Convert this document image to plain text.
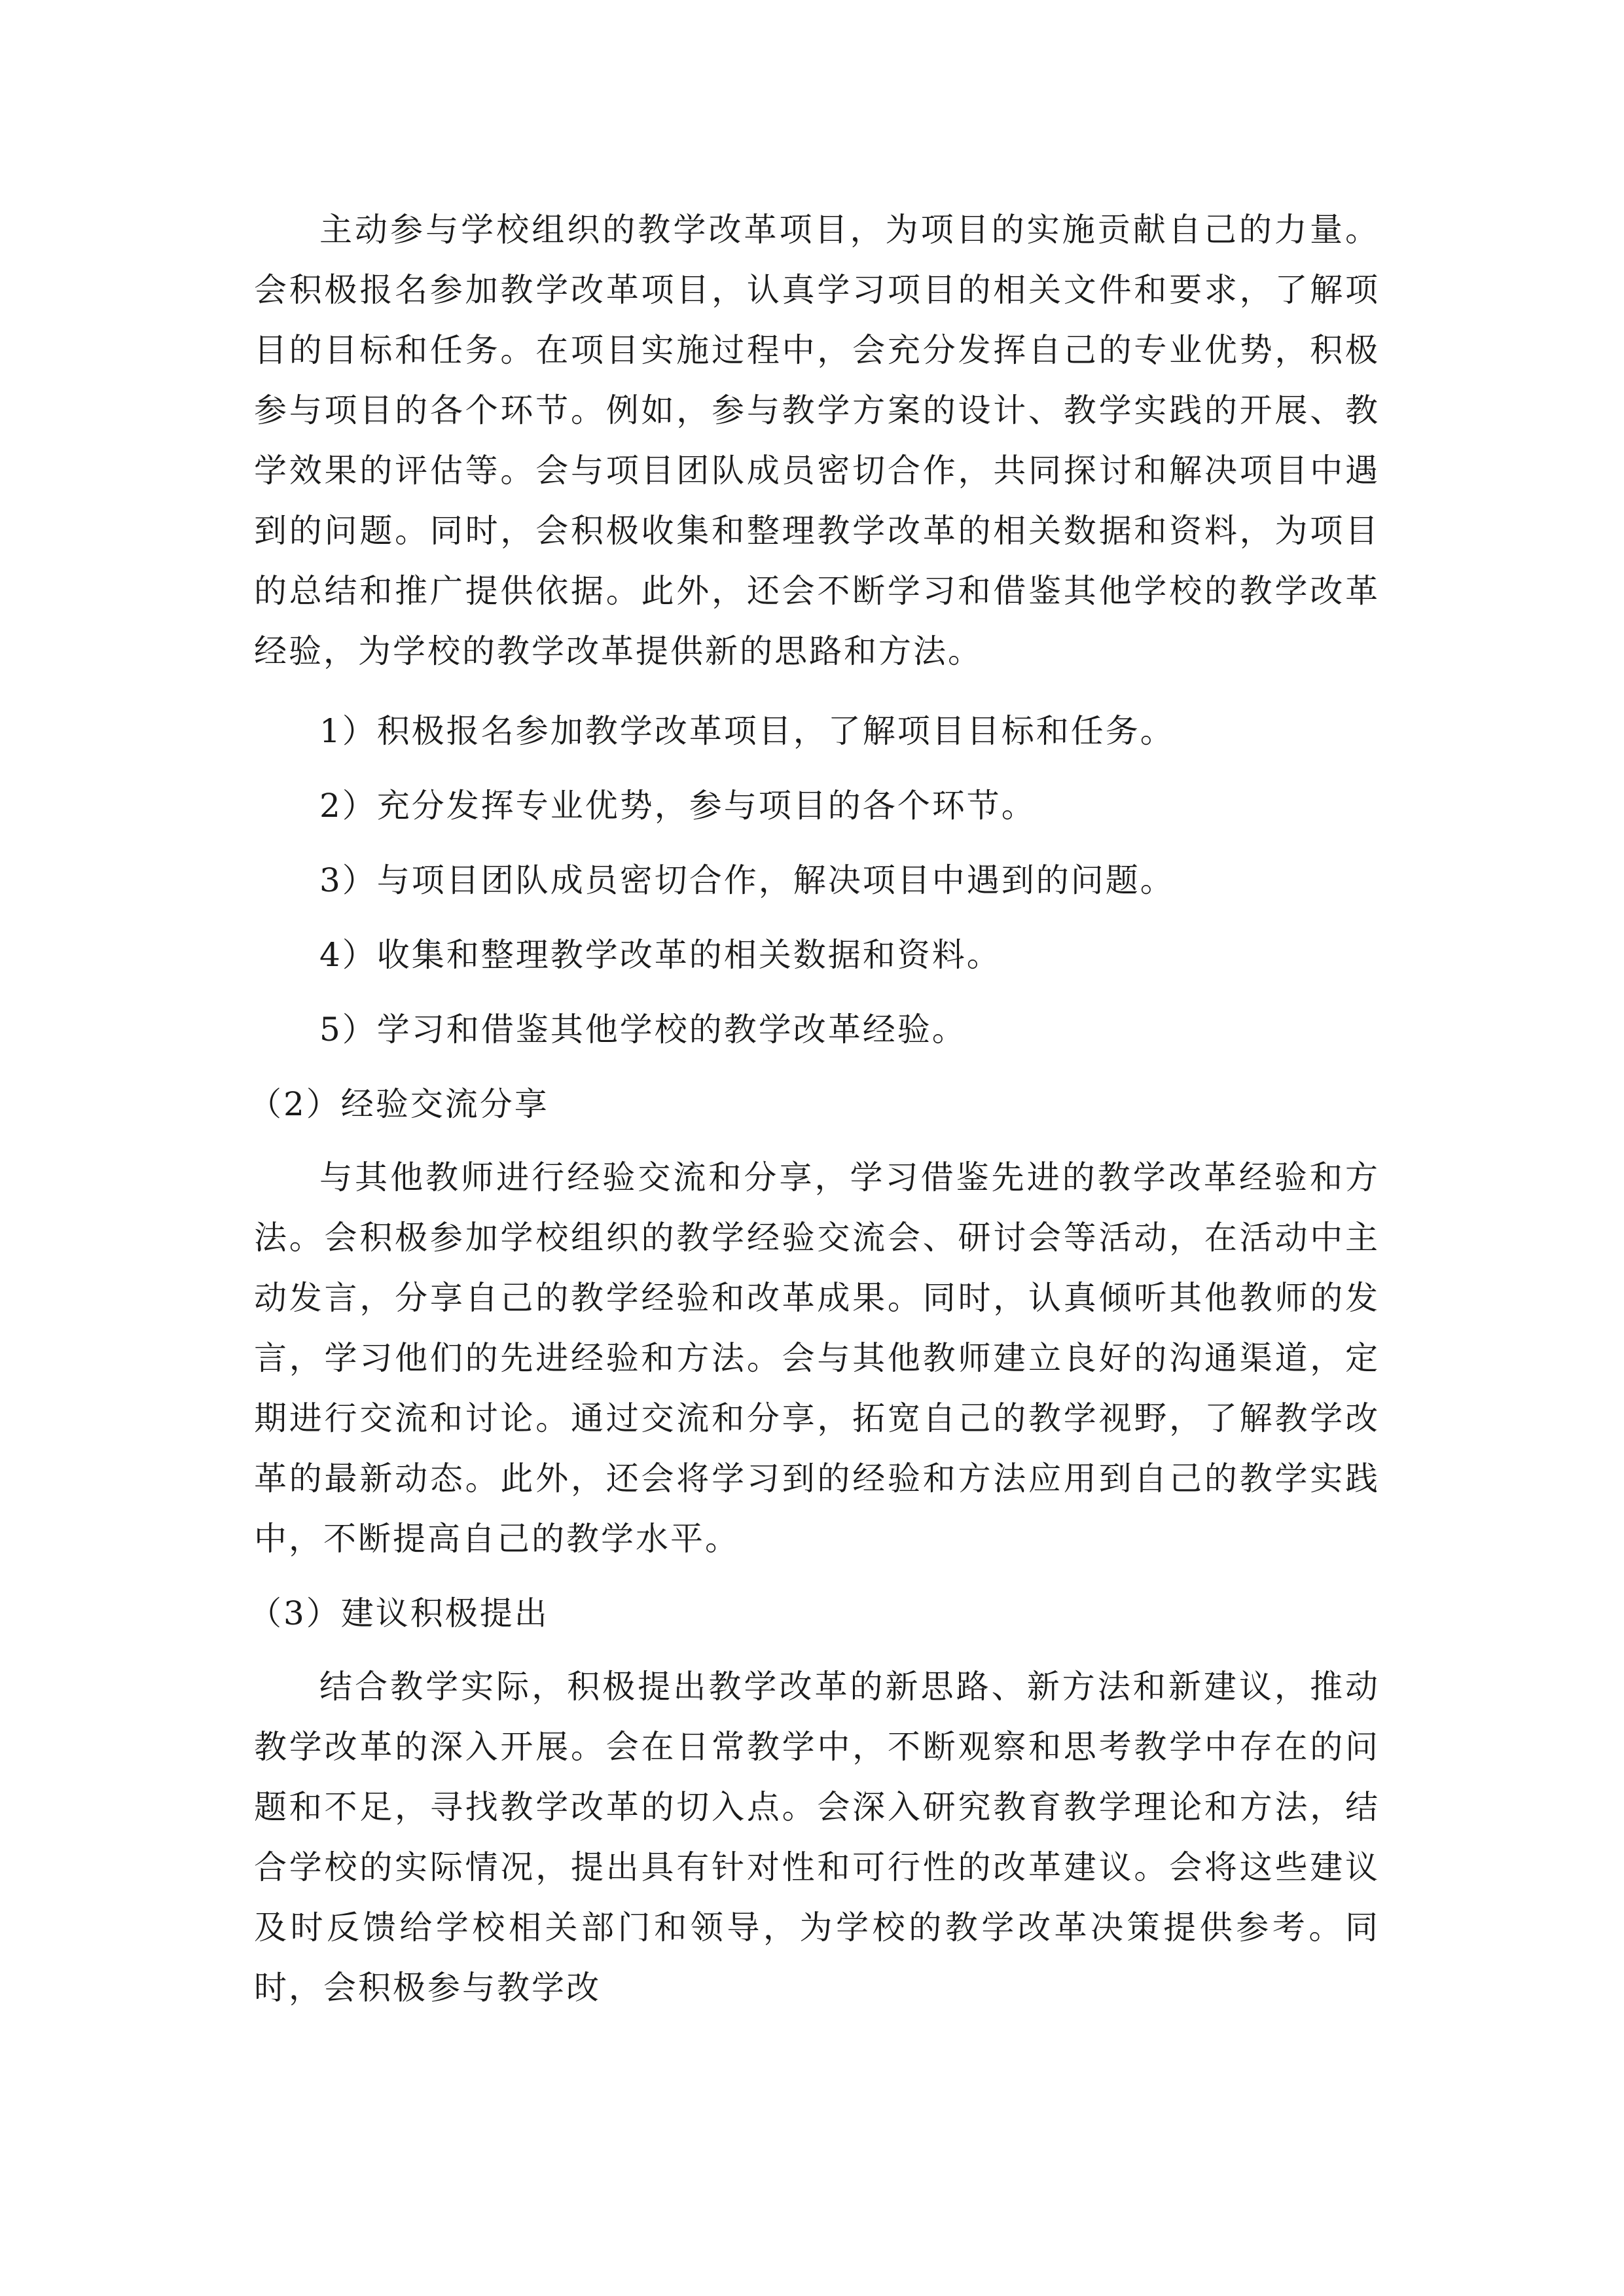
主动参与学校组织的教学改革项目，为项目的实施贡献自己的力量。会积极报名参加教学改革项目，认真学习项目的相关文件和要求，了解项目的目标和任务。在项目实施过程中，会充分发挥自己的专业优势，积极参与项目的各个环节。例如，参与教学方案的设计、教学实践的开展、教学效果的评估等。会与项目团队成员密切合作，共同探讨和解决项目中遇到的问题。同时，会积极收集和整理教学改革的相关数据和资料，为项目的总结和推广提供依据。此外，还会不断学习和借鉴其他学校的教学改革经验，为学校的教学改革提供新的思路和方法。

1）积极报名参加教学改革项目，了解项目目标和任务。

2）充分发挥专业优势，参与项目的各个环节。

3）与项目团队成员密切合作，解决项目中遇到的问题。

4）收集和整理教学改革的相关数据和资料。

5）学习和借鉴其他学校的教学改革经验。

（2）经验交流分享

与其他教师进行经验交流和分享，学习借鉴先进的教学改革经验和方法。会积极参加学校组织的教学经验交流会、研讨会等活动，在活动中主动发言，分享自己的教学经验和改革成果。同时，认真倾听其他教师的发言，学习他们的先进经验和方法。会与其他教师建立良好的沟通渠道，定期进行交流和讨论。通过交流和分享，拓宽自己的教学视野，了解教学改革的最新动态。此外，还会将学习到的经验和方法应用到自己的教学实践中，不断提高自己的教学水平。

（3）建议积极提出

结合教学实际，积极提出教学改革的新思路、新方法和新建议，推动教学改革的深入开展。会在日常教学中，不断观察和思考教学中存在的问题和不足，寻找教学改革的切入点。会深入研究教育教学理论和方法，结合学校的实际情况，提出具有针对性和可行性的改革建议。会将这些建议及时反馈给学校相关部门和领导，为学校的教学改革决策提供参考。同时，会积极参与教学改
